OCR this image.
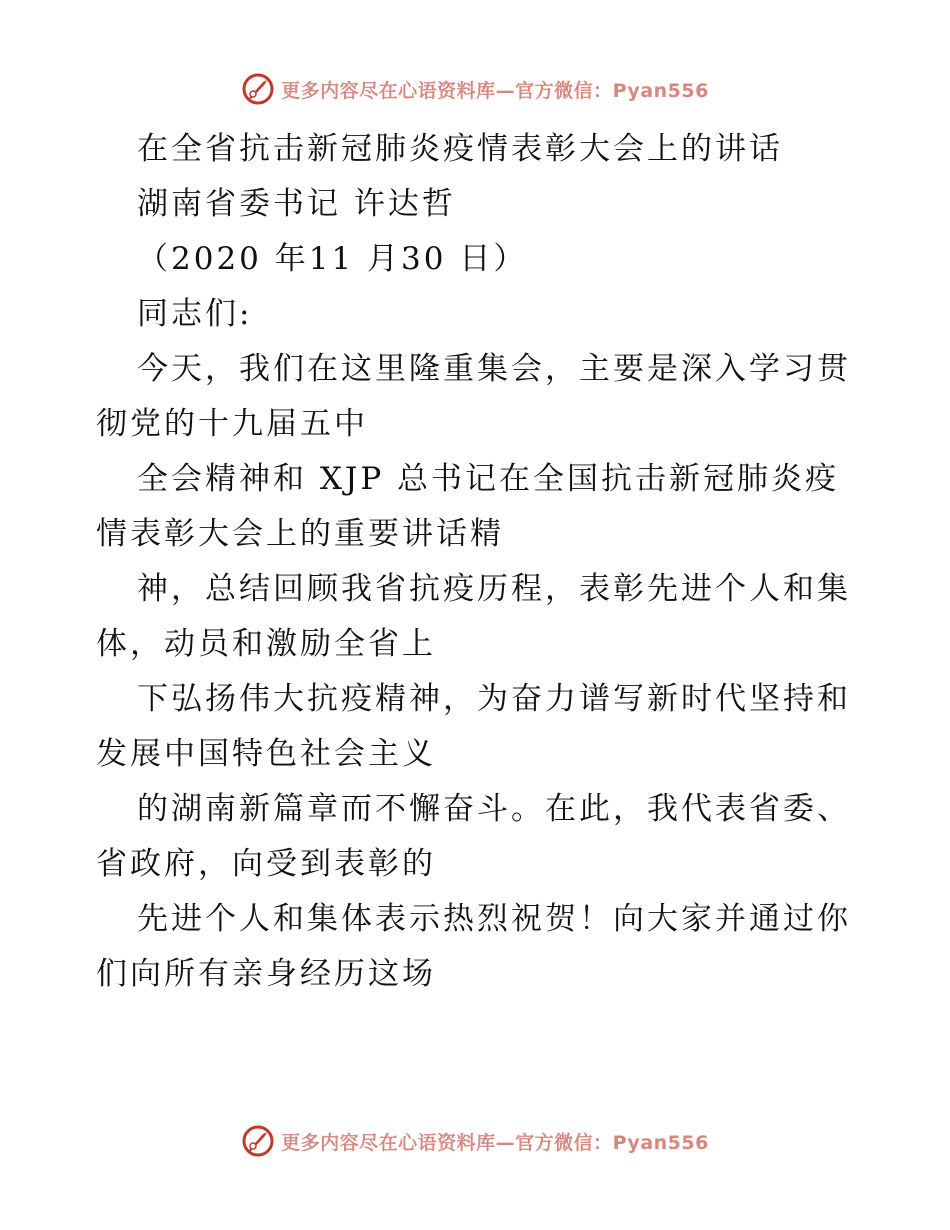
更多内容尽在心语资料库—官方微信：Pyan556

在全省抗击新冠肺炎疫情表彰大会上的讲话

湖南省委书记 许达哲

（2020 年11 月30 日）

同志们:

今天，我们在这里隆重集会，主要是深入学习贯彻党的十九届五中

全会精神和 XJP 总书记在全国抗击新冠肺炎疫情表彰大会上的重要讲话精

神，总结回顾我省抗疫历程，表彰先进个人和集体，动员和激励全省上

下弘扬伟大抗疫精神，为奋力谱写新时代坚持和发展中国特色社会主义

的湖南新篇章而不懈奋斗。在此，我代表省委、省政府，向受到表彰的

先进个人和集体表示热烈祝贺！向大家并通过你们向所有亲身经历这场

更多内容尽在心语资料库—官方微信：Pyan556
